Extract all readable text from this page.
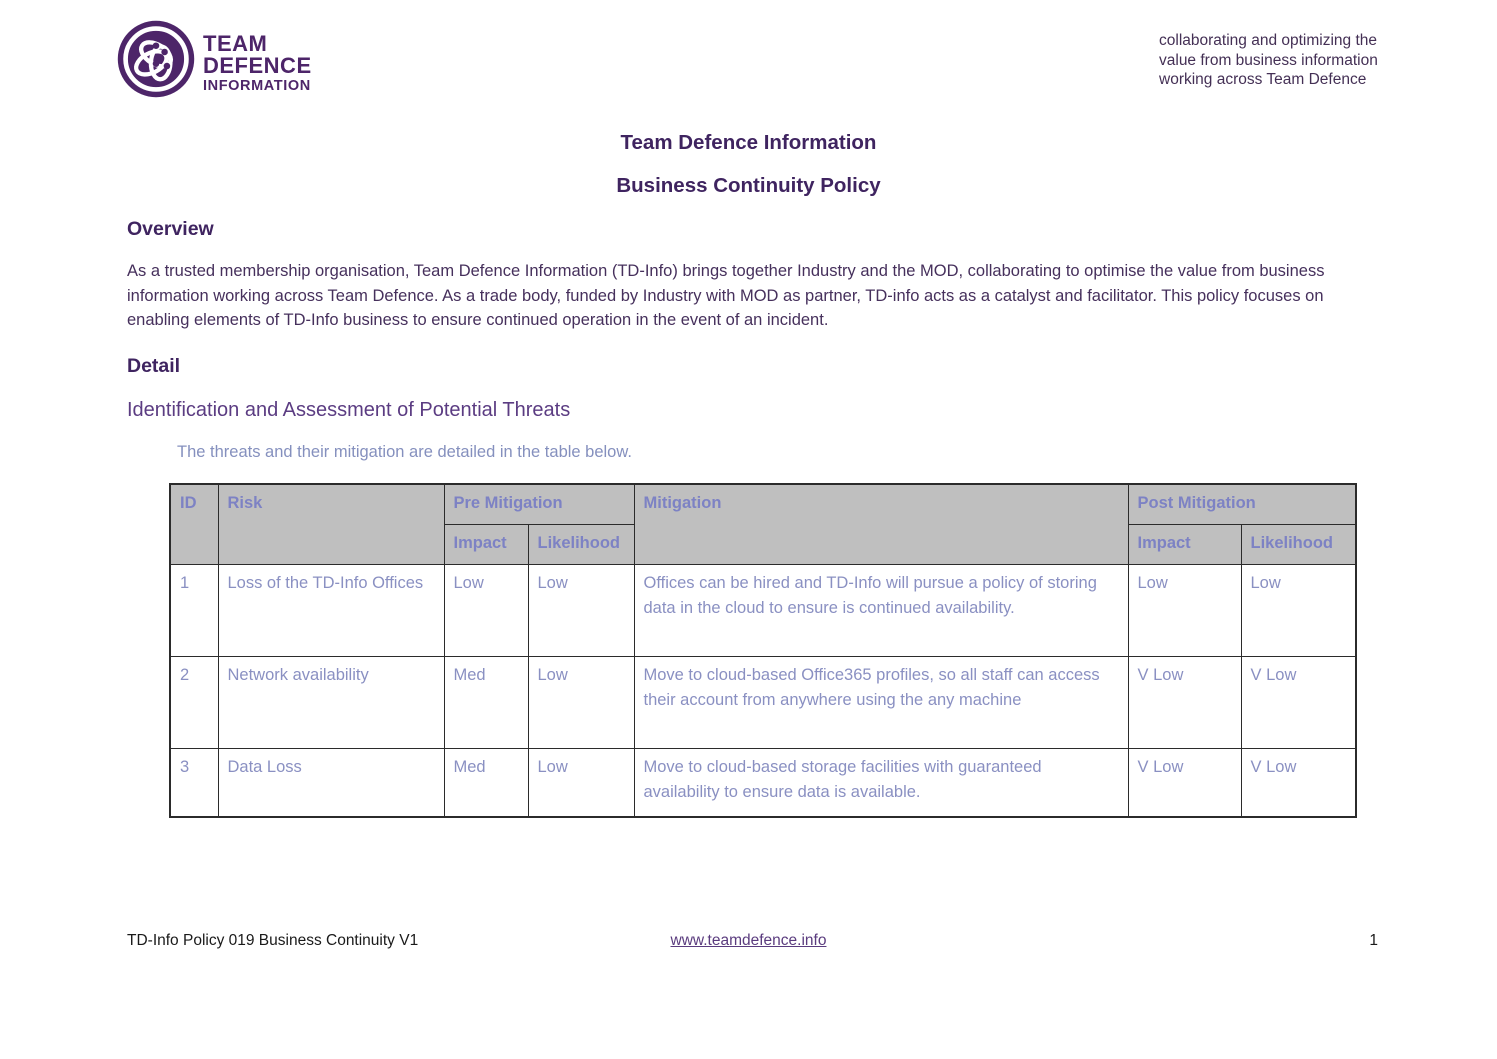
TEAM
DEFENCE
INFORMATION
collaborating and optimizing the
value from business information
working across Team Defence
Team Defence Information
Business Continuity Policy
Overview
As a trusted membership organisation, Team Defence Information (TD-Info) brings together Industry and the MOD, collaborating to optimise the value from business information working across Team Defence. As a trade body, funded by Industry with MOD as partner, TD-info acts as a catalyst and facilitator. This policy focuses on enabling elements of TD-Info business to ensure continued operation in the event of an incident.
Detail
Identification and Assessment of Potential Threats
The threats and their mitigation are detailed in the table below.
ID	Risk	Pre Mitigation		Mitigation	Post Mitigation	
		Impact	Likelihood		Impact	Likelihood
1	Loss of the TD-Info Offices	Low	Low	Offices can be hired and TD-Info will pursue a policy of storing data in the cloud to ensure is continued availability.	Low	Low
2	Network availability	Med	Low	Move to cloud-based Office365 profiles, so all staff can access their account from anywhere using the any machine	V Low	V Low
3	Data Loss	Med	Low	Move to cloud-based storage facilities with guaranteed availability to ensure data is available.	V Low	V Low
TD-Info Policy 019 Business Continuity V1	www.teamdefence.info	1
